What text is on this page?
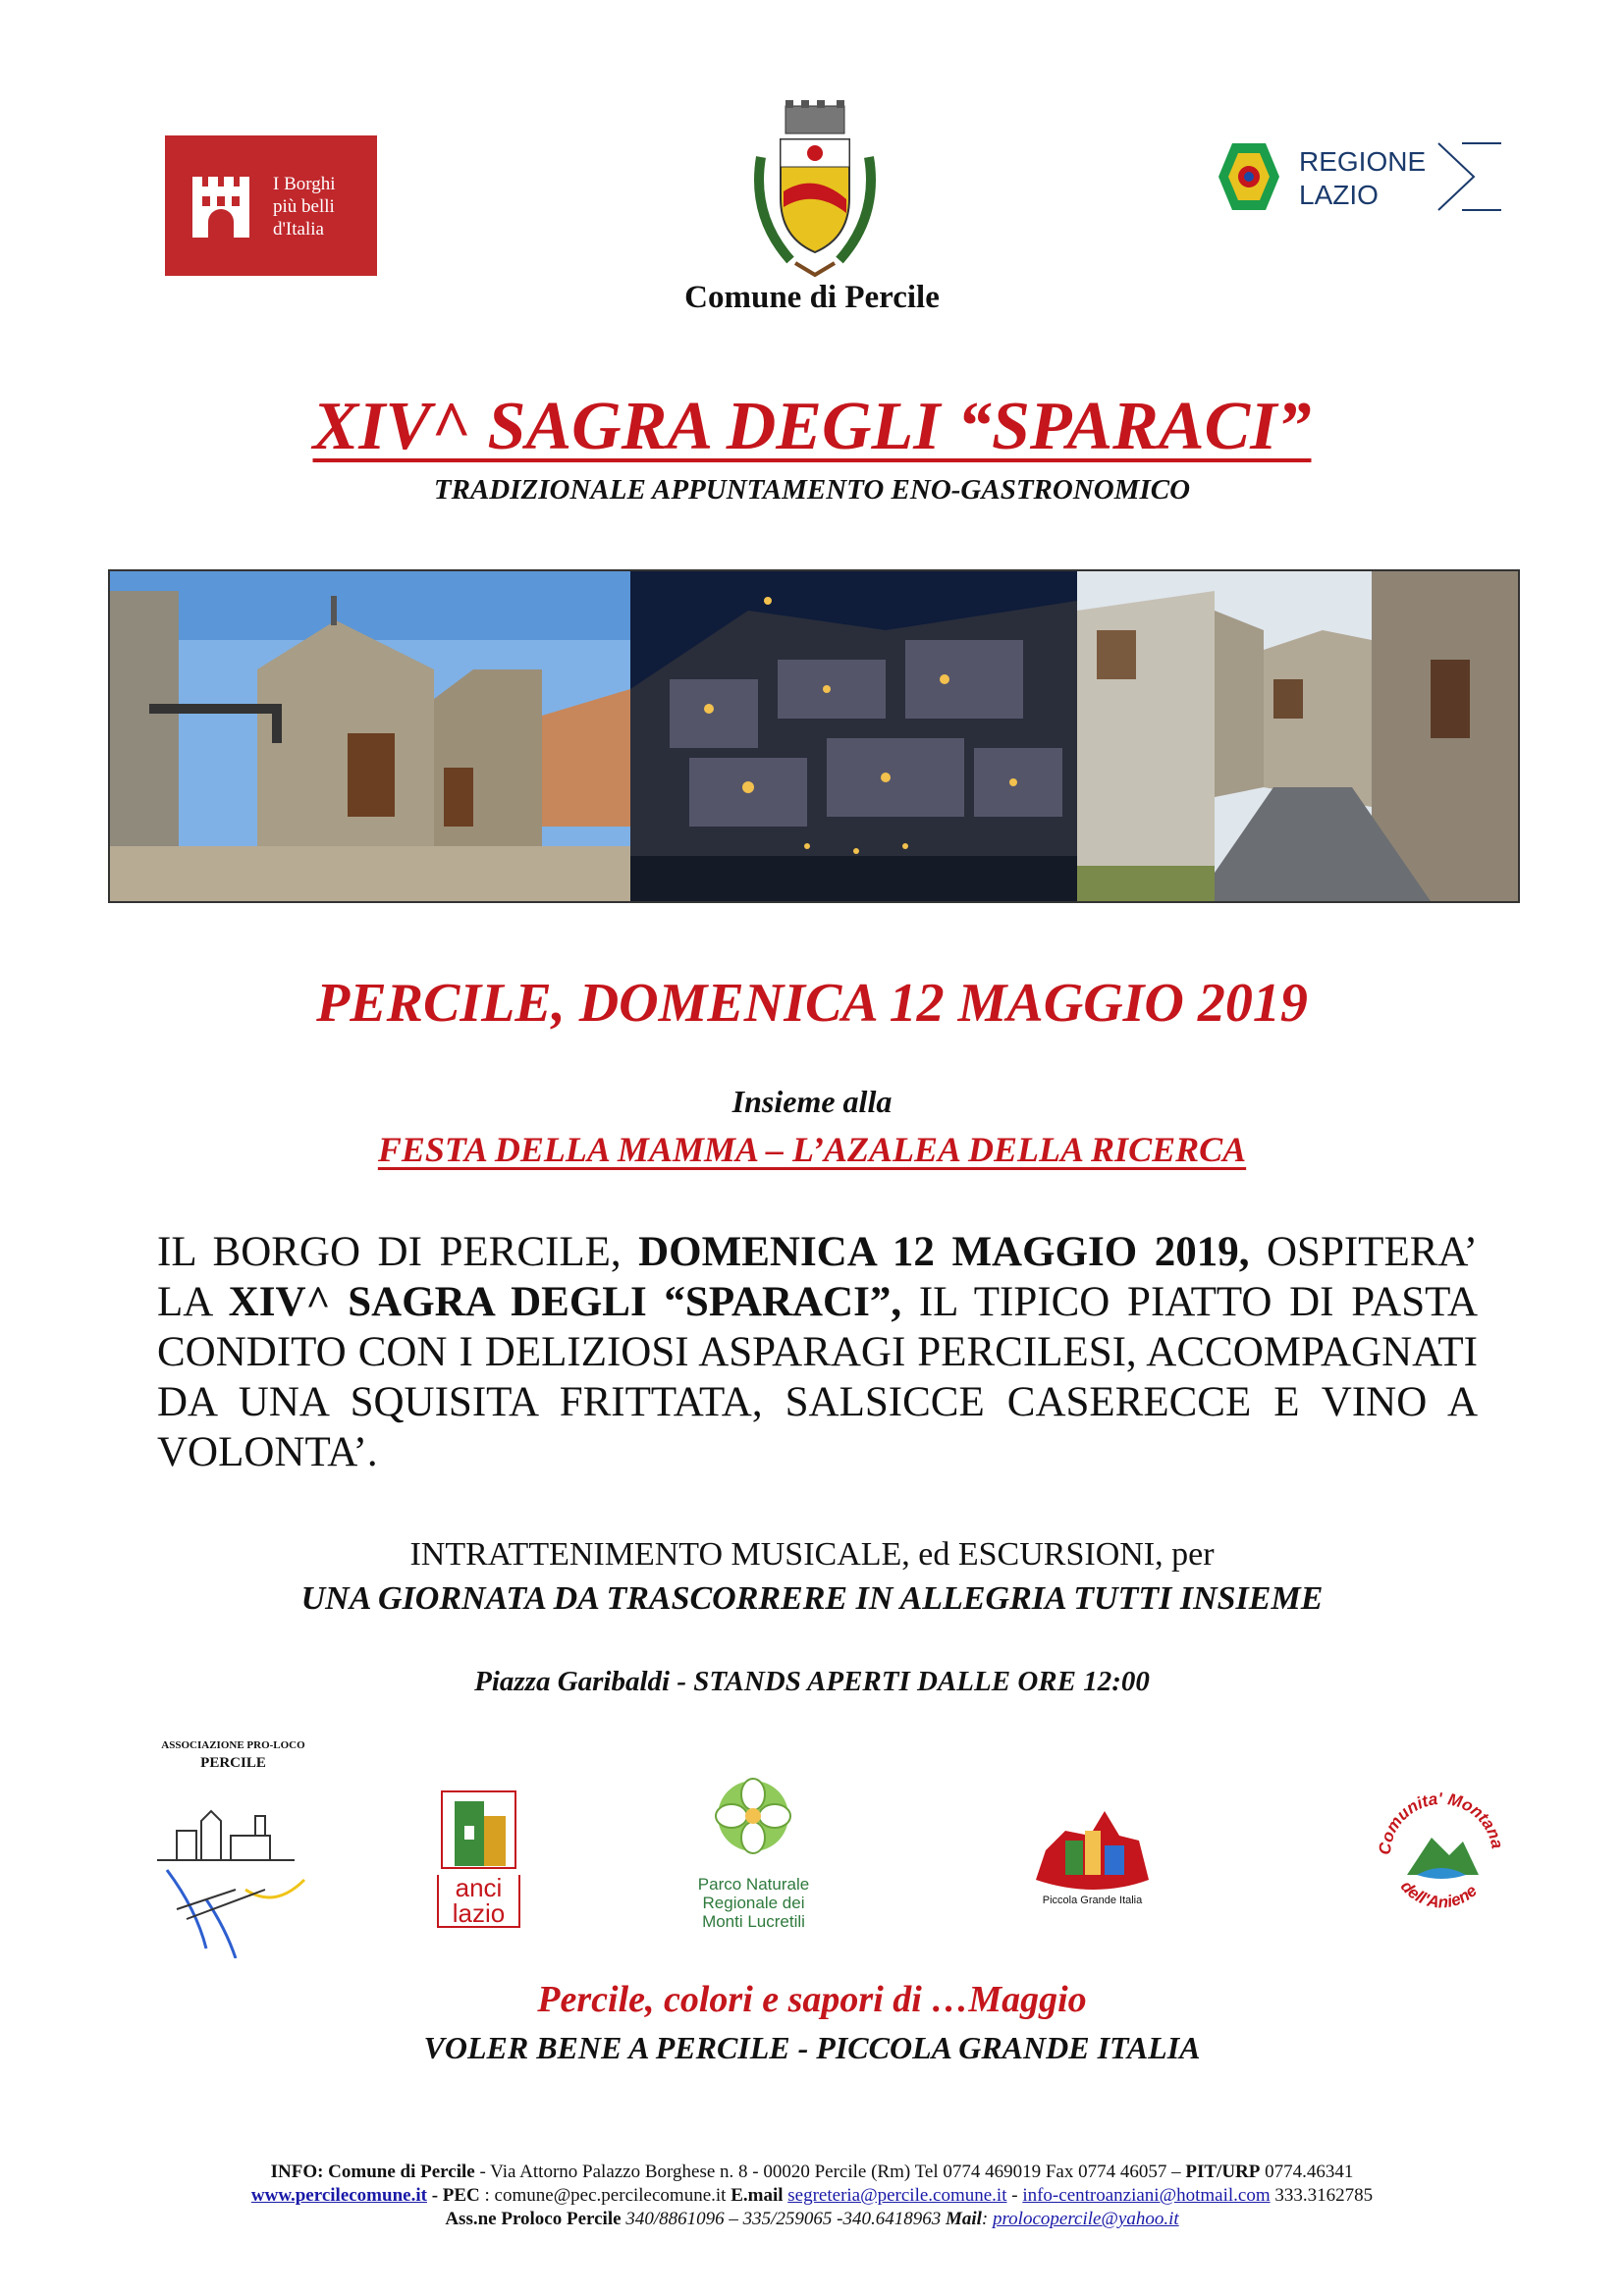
I Borghi
più belli
d'Italia
REGIONE
LAZIO
Comune di Percile
XIV^ SAGRA DEGLI “SPARACI”
TRADIZIONALE APPUNTAMENTO ENO-GASTRONOMICO
PERCILE, DOMENICA 12 MAGGIO 2019
Insieme alla
FESTA DELLA MAMMA – L’AZALEA DELLA RICERCA
IL BORGO DI PERCILE, DOMENICA 12 MAGGIO 2019, OSPITERA’ LA XIV^ SAGRA DEGLI “SPARACI”, IL TIPICO PIATTO DI PASTA CONDITO CON I DELIZIOSI ASPARAGI PERCILESI, ACCOMPAGNATI DA UNA SQUISITA FRITTATA, SALSICCE CASERECCE E VINO A VOLONTA’.
INTRATTENIMENTO MUSICALE, ed ESCURSIONI, per
UNA GIORNATA DA TRASCORRERE IN ALLEGRIA TUTTI INSIEME
Piazza Garibaldi - STANDS APERTI DALLE ORE 12:00
ASSOCIAZIONE PRO-LOCO
PERCILE
anci
lazio
Parco Naturale
Regionale dei
Monti Lucretili
Piccola Grande Italia
Comunita' Montana
dell'Aniene
Percile, colori e sapori di …Maggio
VOLER BENE A PERCILE - PICCOLA GRANDE ITALIA
INFO: Comune di Percile - Via Attorno Palazzo Borghese n. 8 - 00020 Percile (Rm) Tel 0774 469019 Fax 0774 46057 – PIT/URP 0774.46341
www.percilecomune.it - PEC : comune@pec.percilecomune.it E.mail segreteria@percile.comune.it - info-centroanziani@hotmail.com 333.3162785
Ass.ne Proloco Percile 340/8861096 – 335/259065 -340.6418963 Mail: prolocopercile@yahoo.it
